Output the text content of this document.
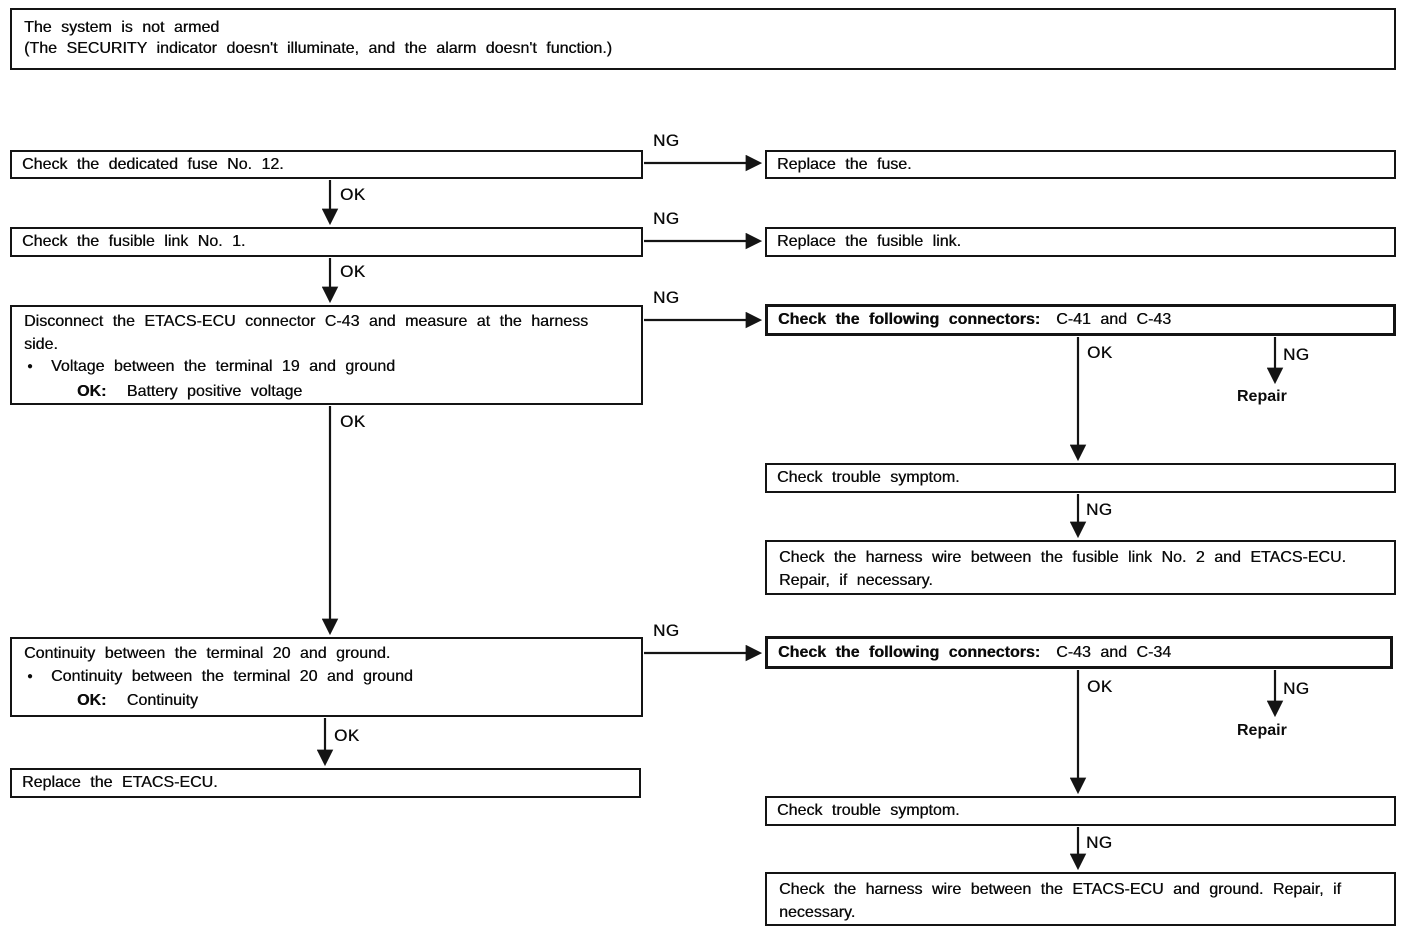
The system is not armed
(The SECURITY indicator doesn't illuminate, and the alarm doesn't function.)
Check the dedicated fuse No. 12.
Check the fusible link No. 1.
Disconnect the ETACS-ECU connector C-43 and measure at the harness side.
●	Voltage between the terminal 19 and ground
OK: Battery positive voltage
Continuity between the terminal 20 and ground.
●	Continuity between the terminal 20 and ground
OK: Continuity
Replace the ETACS-ECU.
Replace the fuse.
Replace the fusible link.
Check the following connectors: C-41 and C-43
Repair
Check trouble symptom.
Check the harness wire between the fusible link No. 2 and ETACS-ECU. Repair, if necessary.
Check the following connectors: C-43 and C-34
Repair
Check trouble symptom.
Check the harness wire between the ETACS-ECU and ground. Repair, if necessary.
NG
OK
NG
OK
NG
OK
OK	NG
NG
NG
OK	NG
OK
NG
